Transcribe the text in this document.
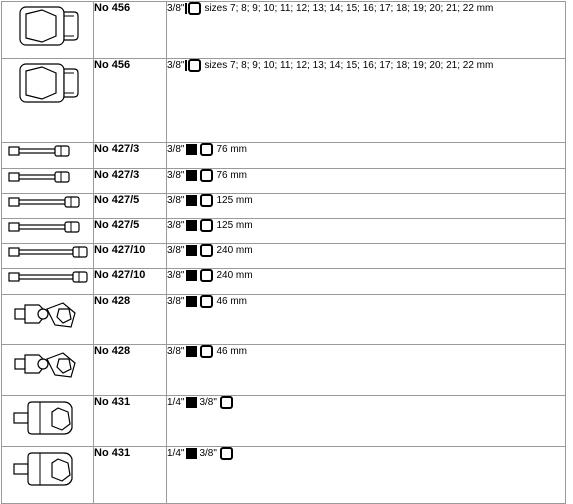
	No 456	3/8" sizes 7; 8; 9; 10; 11; 12; 13; 14; 15; 16; 17; 18; 19; 20; 21; 22 mm

	No 456	3/8" sizes 7; 8; 9; 10; 11; 12; 13; 14; 15; 16; 17; 18; 19; 20; 21; 22 mm

	No 427/3	3/8" 76 mm

	No 427/3	3/8" 76 mm

	No 427/5	3/8" 125 mm

	No 427/5	3/8" 125 mm

	No 427/10	3/8" 240 mm

	No 427/10	3/8" 240 mm

	No 428	3/8" 46 mm

	No 428	3/8" 46 mm

	No 431	1/4" 3/8"

	No 431	1/4" 3/8"
